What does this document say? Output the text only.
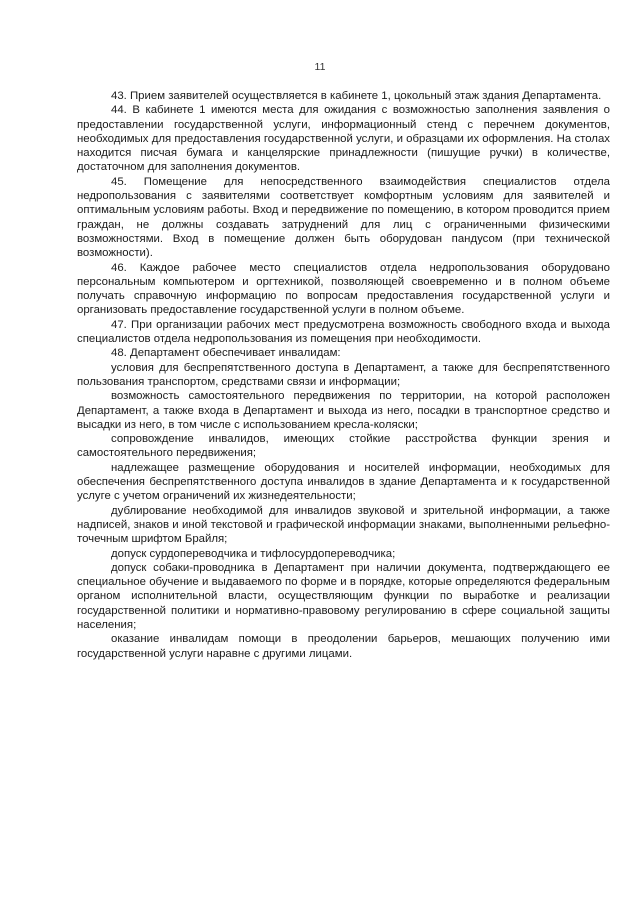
11

43. Прием заявителей осуществляется в кабинете 1, цокольный этаж здания Департамента.

44. В кабинете 1 имеются места для ожидания с возможностью заполнения заявления о предоставлении государственной услуги, информационный стенд с перечнем документов, необходимых для предоставления государственной услуги, и образцами их оформления. На столах находится писчая бумага и канцелярские принадлежности (пишущие ручки) в количестве, достаточном для заполнения документов.

45. Помещение для непосредственного взаимодействия специалистов отдела недропользования с заявителями соответствует комфортным условиям для заявителей и оптимальным условиям работы. Вход и передвижение по помещению, в котором проводится прием граждан, не должны создавать затруднений для лиц с ограниченными физическими возможностями. Вход в помещение должен быть оборудован пандусом (при технической возможности).

46. Каждое рабочее место специалистов отдела недропользования оборудовано персональным компьютером и оргтехникой, позволяющей своевременно и в полном объеме получать справочную информацию по вопросам предоставления государственной услуги и организовать предоставление государственной услуги в полном объеме.

47. При организации рабочих мест предусмотрена возможность свободного входа и выхода специалистов отдела недропользования из помещения при необходимости.

48. Департамент обеспечивает инвалидам:

условия для беспрепятственного доступа в Департамент, а также для беспрепятственного пользования транспортом, средствами связи и информации;

возможность самостоятельного передвижения по территории, на которой расположен Департамент, а также входа в Департамент и выхода из него, посадки в транспортное средство и высадки из него, в том числе с использованием кресла-коляски;

сопровождение инвалидов, имеющих стойкие расстройства функции зрения и самостоятельного передвижения;

надлежащее размещение оборудования и носителей информации, необходимых для обеспечения беспрепятственного доступа инвалидов в здание Департамента и к государственной услуге с учетом ограничений их жизнедеятельности;

дублирование необходимой для инвалидов звуковой и зрительной информации, а также надписей, знаков и иной текстовой и графической информации знаками, выполненными рельефно-точечным шрифтом Брайля;

допуск сурдопереводчика и тифлосурдопереводчика;

допуск собаки-проводника в Департамент при наличии документа, подтверждающего ее специальное обучение и выдаваемого по форме и в порядке, которые определяются федеральным органом исполнительной власти, осуществляющим функции по выработке и реализации государственной политики и нормативно-правовому регулированию в сфере социальной защиты населения;

оказание инвалидам помощи в преодолении барьеров, мешающих получению ими государственной услуги наравне с другими лицами.
